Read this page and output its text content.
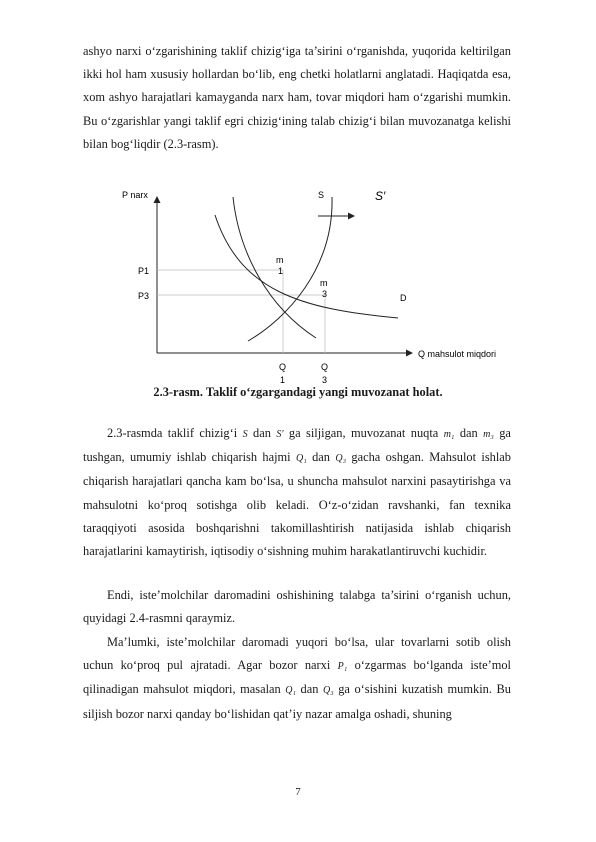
ashyo narxi o‘zgarishining taklif chizig‘iga ta’sirini o‘rganishda, yuqorida keltirilgan ikki hol ham xususiy hollardan bo‘lib, eng chetki holatlarni anglatadi. Haqiqatda esa, xom ashyo harajatlari kamayganda narx ham, tovar miqdori ham o‘zgarishi mumkin. Bu o‘zgarishlar yangi taklif egri chizig‘ining talab chizig‘i bilan muvozanatga kelishi bilan bog‘liqdir (2.3-rasm).

P narx
Q mahsulot miqdori
P1
P3
Q 1
Q 3
S	S′
D
m 1
m 3

2.3-rasm. Taklif o‘zgargandagi yangi muvozanat holat.

2.3-rasmda taklif chizig‘i S dan S′ ga siljigan, muvozanat nuqta m₁ dan m₃ ga tushgan, umumiy ishlab chiqarish hajmi Q₁ dan Q₃ gacha oshgan. Mahsulot ishlab chiqarish harajatlari qancha kam bo‘lsa, u shuncha mahsulot narxini pasaytirishga va mahsulotni ko‘proq sotishga olib keladi. O‘z-o‘zidan ravshanki, fan texnika taraqqiyoti asosida boshqarishni takomillashtirish natijasida ishlab chiqarish harajatlarini kamaytirish, iqtisodiy o‘sishning muhim harakatlantiruvchi kuchidir.

Endi, iste’molchilar daromadini oshishining talabga ta’sirini o‘rganish uchun, quyidagi 2.4-rasmni qaraymiz.

Ma’lumki, iste’molchilar daromadi yuqori bo‘lsa, ular tovarlarni sotib olish uchun ko‘proq pul ajratadi. Agar bozor narxi P₁ o‘zgarmas bo‘lganda iste’mol qilinadigan mahsulot miqdori, masalan Q₁ dan Q₃ ga o‘sishini kuzatish mumkin. Bu siljish bozor narxi qanday bo‘lishidan qat’iy nazar amalga oshadi, shuning

7
